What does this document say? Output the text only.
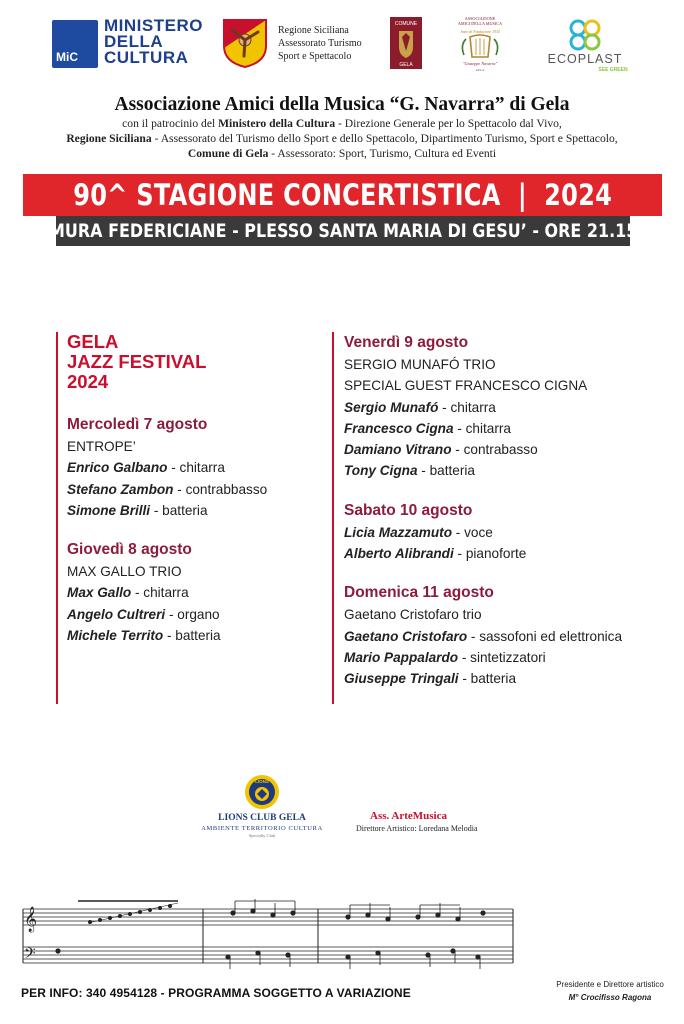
MiC
MINISTERO
DELLA
CULTURA
Regione Siciliana
Assessorato Turismo
Sport e Spettacolo
COMUNE
GELA
ASSOCIAZIONE
AMICI DELLA MUSICA
Anno di Fondazione 1934
"Giuseppe Navarra"
GELA
ECOPLAST
SEE GREEN
Associazione Amici della Musica “G. Navarra” di Gela
con il patrocinio del Ministero della Cultura - Direzione Generale per lo Spettacolo dal Vivo,
Regione Siciliana - Assessorato del Turismo dello Sport e dello Spettacolo, Dipartimento Turismo, Sport e Spettacolo,
Comune di Gela - Assessorato: Sport, Turismo, Cultura ed Eventi
90^ STAGIONE CONCERTISTICA  |  2024
MURA FEDERICIANE - PLESSO SANTA MARIA DI GESU’ - ORE 21.15
GELA
JAZZ FESTIVAL
2024
Mercoledì 7 agosto
ENTROPE’
Enrico Galbano - chitarra
Stefano Zambon - contrabbasso
Simone Brilli - batteria
Giovedì 8 agosto
MAX GALLO TRIO
Max Gallo - chitarra
Angelo Cultreri - organo
Michele Territo - batteria
Venerdì 9 agosto
SERGIO MUNAFÓ TRIO
SPECIAL GUEST FRANCESCO CIGNA
Sergio Munafó - chitarra
Francesco Cigna - chitarra
Damiano Vitrano - contrabasso
Tony Cigna - batteria
Sabato 10 agosto
Licia Mazzamuto - voce
Alberto Alibrandi - pianoforte
Domenica 11 agosto
Gaetano Cristofaro trio
Gaetano Cristofaro - sassofoni ed elettronica
Mario Pappalardo - sintetizzatori
Giuseppe Tringali - batteria
LIONS
LIONS CLUB GELA
AMBIENTE TERRITORIO CULTURA
Specialty Club
Ass. ArteMusica
Direttore Artistico: Loredana Melodia
𝄞
𝄢
PER INFO: 340 4954128 - PROGRAMMA SOGGETTO A VARIAZIONE
Presidente e Direttore artistico
M° Crocifisso Ragona
